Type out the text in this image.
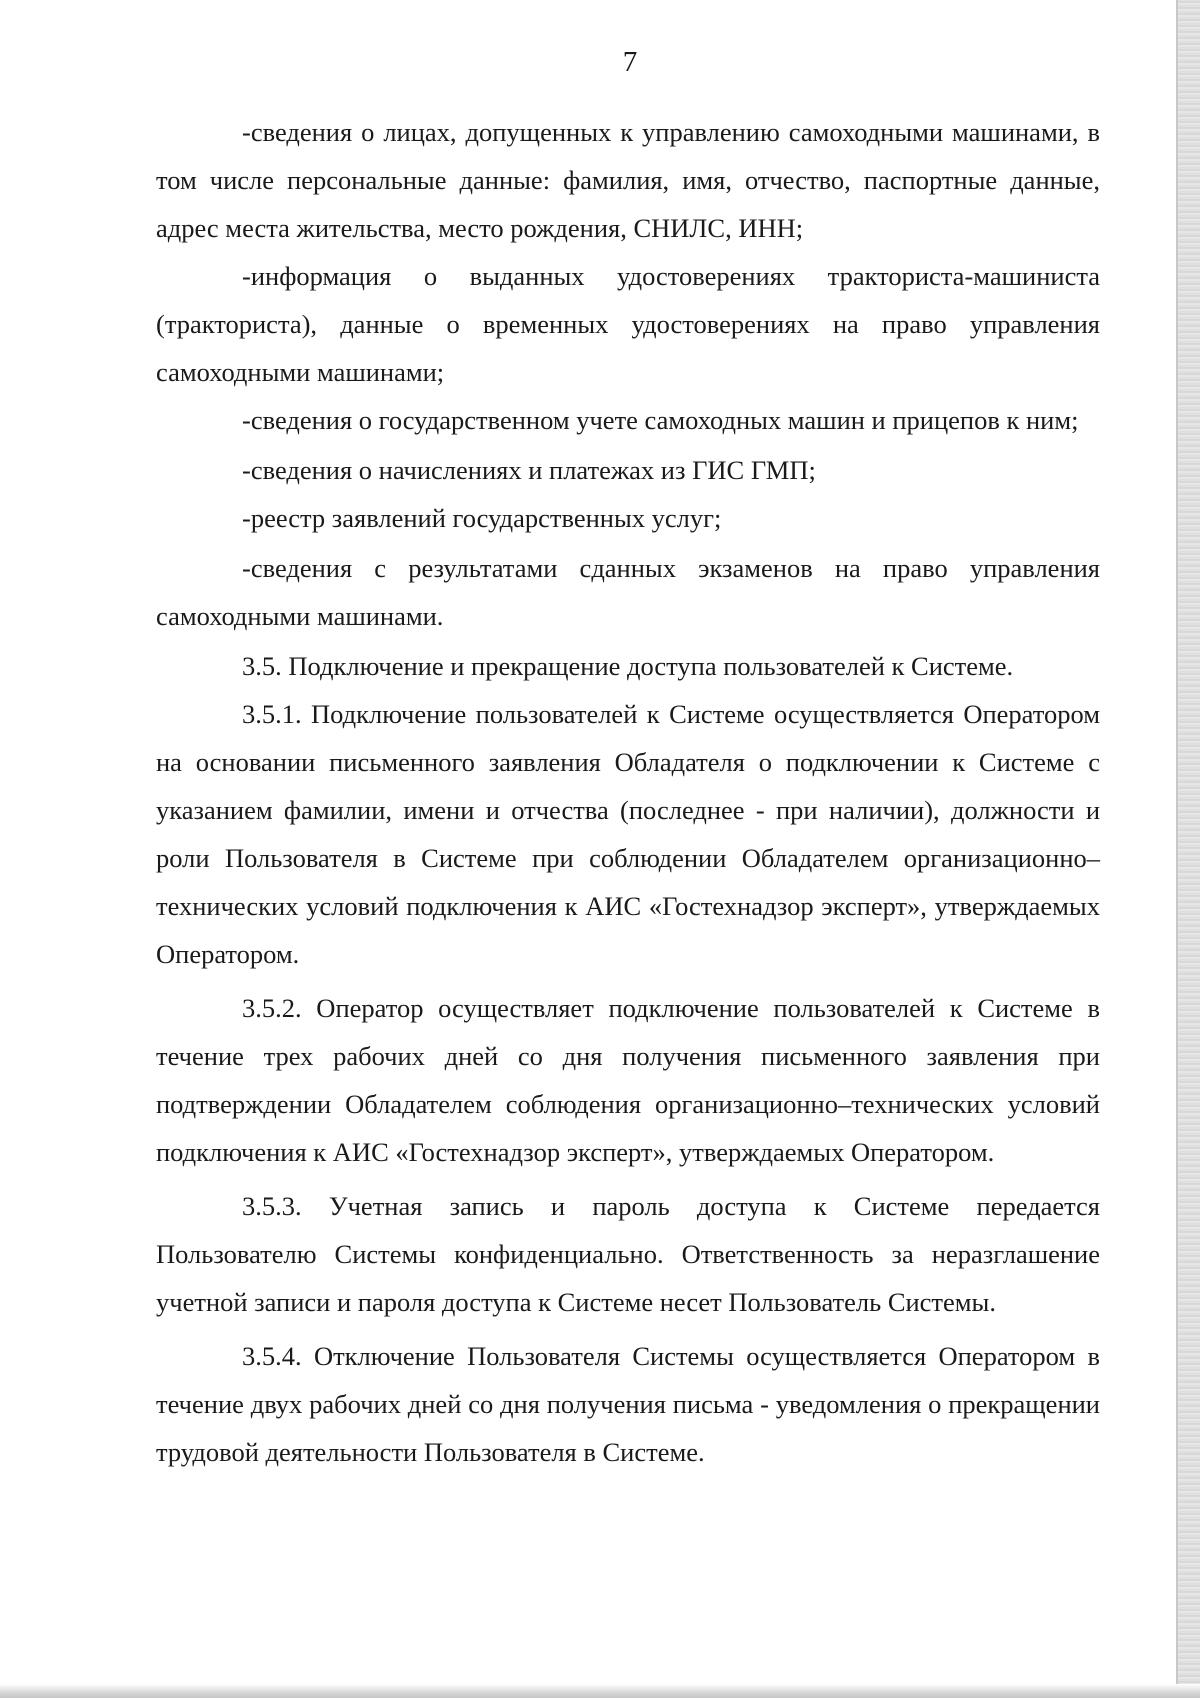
7

-сведения о лицах, допущенных к управлению самоходными машинами, в том числе персональные данные: фамилия, имя, отчество, паспортные данные, адрес места жительства, место рождения, СНИЛС, ИНН;

-информация о выданных удостоверениях тракториста-машиниста (тракториста), данные о временных удостоверениях на право управления самоходными машинами;

-сведения о государственном учете самоходных машин и прицепов к ним;

-сведения о начислениях и платежах из ГИС ГМП;

-реестр заявлений государственных услуг;

-сведения с результатами сданных экзаменов на право управления самоходными машинами.

3.5. Подключение и прекращение доступа пользователей к Системе.

3.5.1. Подключение пользователей к Системе осуществляется Оператором на основании письменного заявления Обладателя о подключении к Системе с указанием фамилии, имени и отчества (последнее - при наличии), должности и роли Пользователя в Системе при соблюдении Обладателем организационно–технических условий подключения к АИС «Гостехнадзор эксперт», утверждаемых Оператором.

3.5.2. Оператор осуществляет подключение пользователей к Системе в течение трех рабочих дней со дня получения письменного заявления при подтверждении Обладателем соблюдения организационно–технических условий подключения к АИС «Гостехнадзор эксперт», утверждаемых Оператором.

3.5.3. Учетная запись и пароль доступа к Системе передается Пользователю Системы конфиденциально. Ответственность за неразглашение учетной записи и пароля доступа к Системе несет Пользователь Системы.

3.5.4. Отключение Пользователя Системы осуществляется Оператором в течение двух рабочих дней со дня получения письма - уведомления о прекращении трудовой деятельности Пользователя в Системе.
